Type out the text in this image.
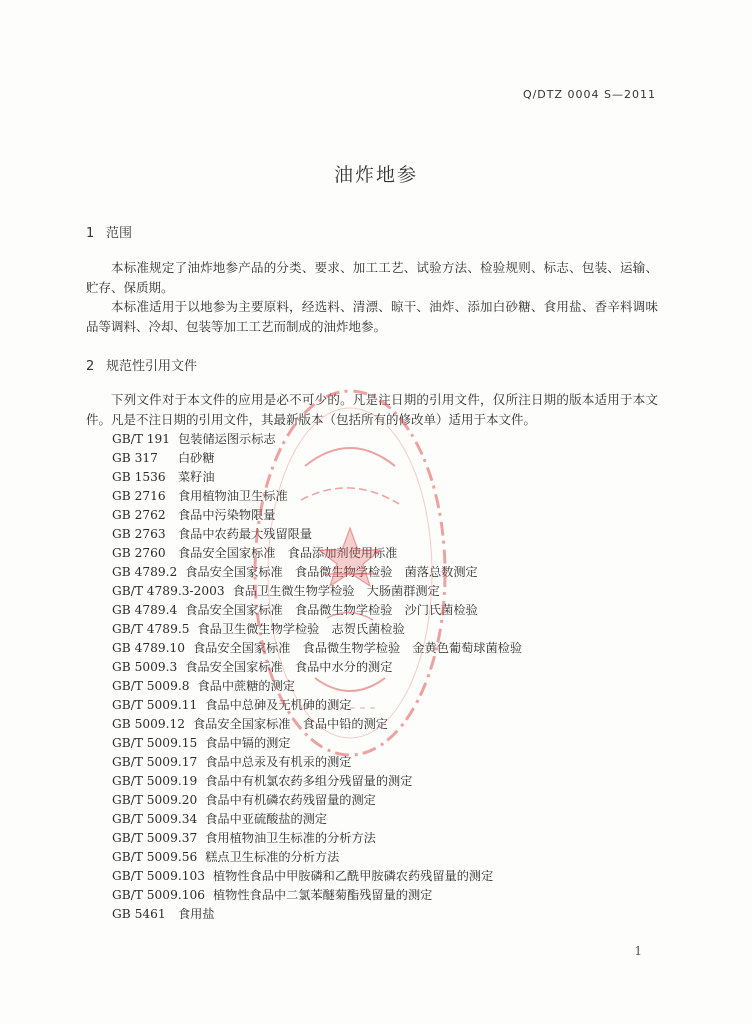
Q/DTZ 0004 S—2011
油炸地参
1 范围

本标准规定了油炸地参产品的分类、要求、加工工艺、试验方法、检验规则、标志、包装、运输、贮存、保质期。

本标准适用于以地参为主要原料，经选料、清漂、晾干、油炸、添加白砂糖、食用盐、香辛料调味品等调料、冷却、包装等加工工艺而制成的油炸地参。

2 规范性引用文件

下列文件对于本文件的应用是必不可少的。凡是注日期的引用文件，仅所注日期的版本适用于本文件。凡是不注日期的引用文件，其最新版本（包括所有的修改单）适用于本文件。

GB/T 191 包装储运图示标志
GB 317 白砂糖
GB 1536 菜籽油
GB 2716 食用植物油卫生标准
GB 2762 食品中污染物限量
GB 2763 食品中农药最大残留限量
GB 2760 食品安全国家标准　食品添加剂使用标准
GB 4789.2 食品安全国家标准　食品微生物学检验　菌落总数测定
GB/T 4789.3-2003 食品卫生微生物学检验　大肠菌群测定
GB 4789.4 食品安全国家标准　食品微生物学检验　沙门氏菌检验
GB/T 4789.5 食品卫生微生物学检验　志贺氏菌检验
GB 4789.10 食品安全国家标准　食品微生物学检验　金黄色葡萄球菌检验
GB 5009.3 食品安全国家标准　食品中水分的测定
GB/T 5009.8 食品中蔗糖的测定
GB/T 5009.11 食品中总砷及无机砷的测定
GB 5009.12 食品安全国家标准　食品中铅的测定
GB/T 5009.15 食品中镉的测定
GB/T 5009.17 食品中总汞及有机汞的测定
GB/T 5009.19 食品中有机氯农药多组分残留量的测定
GB/T 5009.20 食品中有机磷农药残留量的测定
GB/T 5009.34 食品中亚硫酸盐的测定
GB/T 5009.37 食用植物油卫生标准的分析方法
GB/T 5009.56 糕点卫生标准的分析方法
GB/T 5009.103 植物性食品中甲胺磷和乙酰甲胺磷农药残留量的测定
GB/T 5009.106 植物性食品中二氯苯醚菊酯残留量的测定
GB 5461 食用盐
1
